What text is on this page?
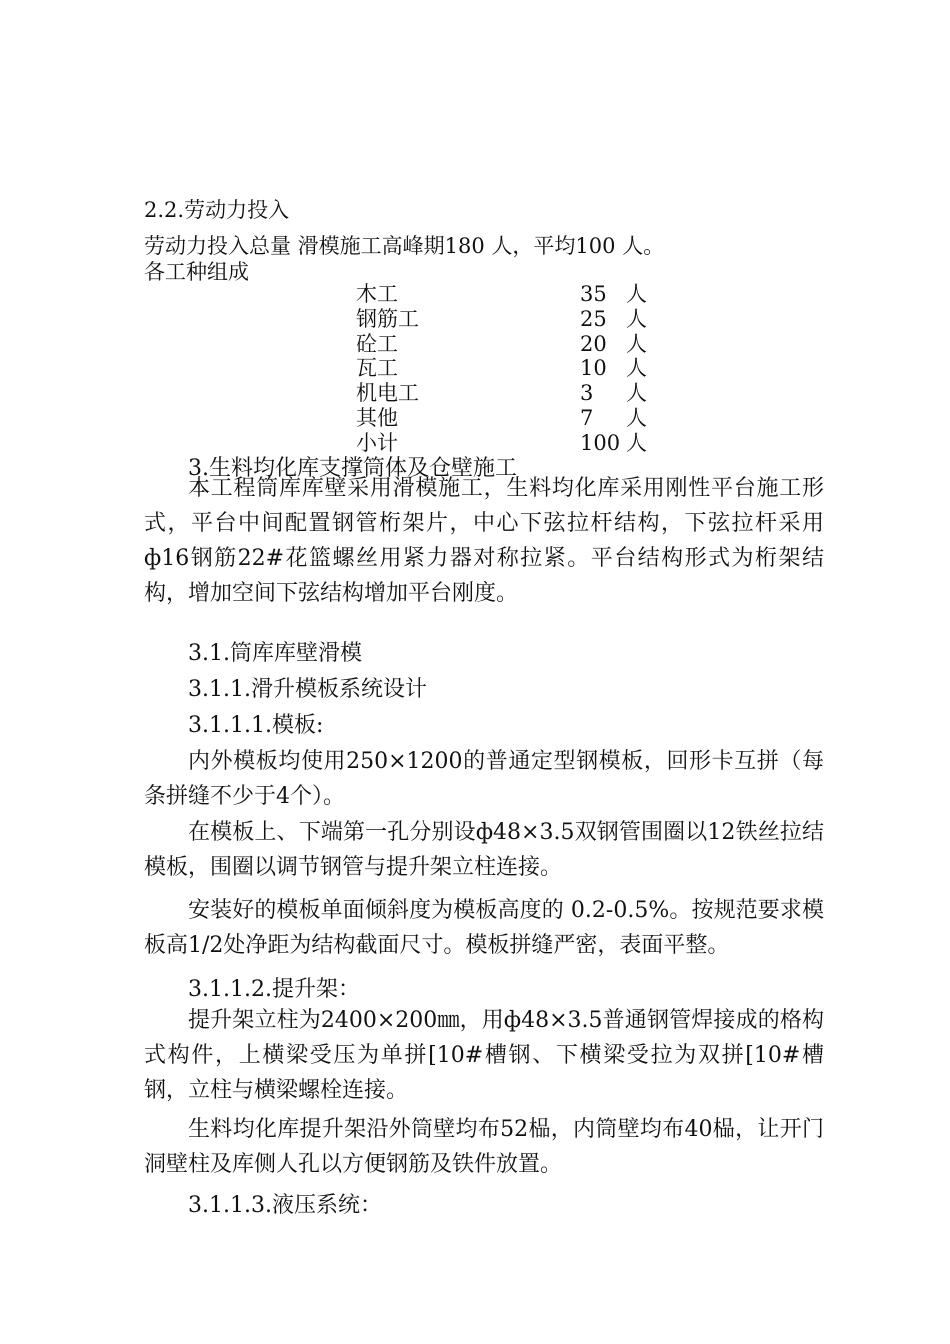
2.2.劳动力投入
劳动力投入总量 滑模施工高峰期180 人，平均100 人。
各工种组成
木工	35	人
钢筋工	25	人
砼工	20	人
瓦工	10	人
机电工	3	人
其他	7	人
小计	100	人
3.生料均化库支撑筒体及仓壁施工

本工程筒库库壁采用滑模施工，生料均化库采用刚性平台施工形式，平台中间配置钢管桁架片，中心下弦拉杆结构，下弦拉杆采用ф16钢筋22#花篮螺丝用紧力器对称拉紧。平台结构形式为桁架结构，增加空间下弦结构增加平台刚度。

3.1.筒库库壁滑模
3.1.1.滑升模板系统设计
3.1.1.1.模板:

内外模板均使用250×1200的普通定型钢模板，回形卡互拼（每条拼缝不少于4个）。

在模板上、下端第一孔分别设ф48×3.5双钢管围圈以12铁丝拉结模板，围圈以调节钢管与提升架立柱连接。

安装好的模板单面倾斜度为模板高度的 0.2-0.5%。按规范要求模板高1/2处净距为结构截面尺寸。模板拼缝严密，表面平整。

3.1.1.2.提升架：

提升架立柱为2400×200㎜，用ф48×3.5普通钢管焊接成的格构式构件，上横梁受压为单拼[10#槽钢、下横梁受拉为双拼[10#槽钢，立柱与横梁螺栓连接。

生料均化库提升架沿外筒壁均布52榀，内筒壁均布40榀，让开门洞壁柱及库侧人孔以方便钢筋及铁件放置。

3.1.1.3.液压系统：
